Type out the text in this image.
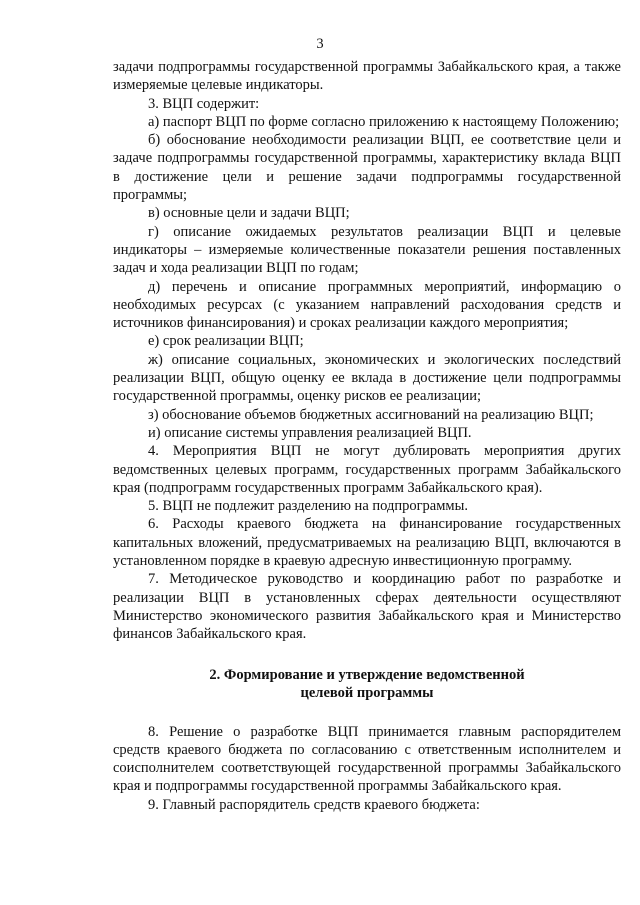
3

задачи подпрограммы государственной программы Забайкальского края, а также измеряемые целевые индикаторы.

3. ВЦП содержит:

а) паспорт ВЦП по форме согласно приложению к настоящему Положению;

б) обоснование необходимости реализации ВЦП, ее соответствие цели и задаче подпрограммы государственной программы, характеристику вклада ВЦП в достижение цели и решение задачи подпрограммы государственной программы;

в) основные цели и задачи ВЦП;

г) описание ожидаемых результатов реализации ВЦП и целевые индикаторы – измеряемые количественные показатели решения поставленных задач и хода реализации ВЦП по годам;

д) перечень и описание программных мероприятий, информацию о необходимых ресурсах (с указанием направлений расходования средств и источников финансирования) и сроках реализации каждого мероприятия;

е) срок реализации ВЦП;

ж) описание социальных, экономических и экологических последствий реализации ВЦП, общую оценку ее вклада в достижение цели подпрограммы государственной программы, оценку рисков ее реализации;

з) обоснование объемов бюджетных ассигнований на реализацию ВЦП;

и) описание системы управления реализацией ВЦП.

4. Мероприятия ВЦП не могут дублировать мероприятия других ведомственных целевых программ, государственных программ Забайкальского края (подпрограмм государственных программ Забайкальского края).

5. ВЦП не подлежит разделению на подпрограммы.

6. Расходы краевого бюджета на финансирование государственных капитальных вложений, предусматриваемых на реализацию ВЦП, включаются в установленном порядке в краевую адресную инвестиционную программу.

7. Методическое руководство и координацию работ по разработке и реализации ВЦП в установленных сферах деятельности осуществляют Министерство экономического развития Забайкальского края и Министерство финансов Забайкальского края.

2. Формирование и утверждение ведомственной
целевой программы

8. Решение о разработке ВЦП принимается главным распорядителем средств краевого бюджета по согласованию с ответственным исполнителем и соисполнителем соответствующей государственной программы Забайкальского края и подпрограммы государственной программы Забайкальского края.

9. Главный распорядитель средств краевого бюджета:
